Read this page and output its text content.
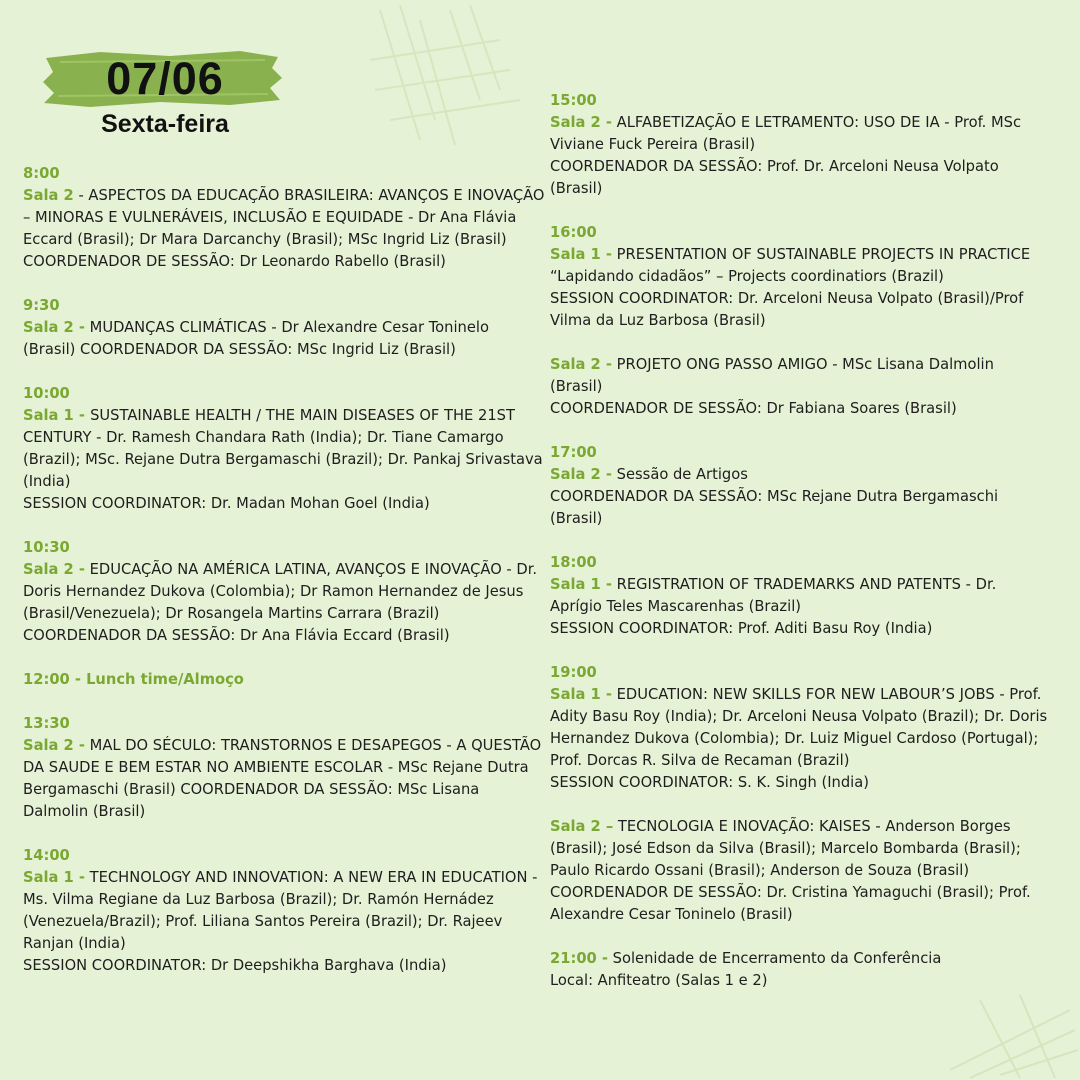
07/06
Sexta-feira
8:00
Sala 2 - ASPECTOS DA EDUCAÇÃO BRASILEIRA: AVANÇOS E INOVAÇÃO – MINORAS E VULNERÁVEIS, INCLUSÃO E EQUIDADE - Dr Ana Flávia Eccard (Brasil); Dr Mara Darcanchy (Brasil); MSc Ingrid Liz (Brasil)
COORDENADOR DE SESSÃO: Dr Leonardo Rabello (Brasil)
9:30
Sala 2 - MUDANÇAS CLIMÁTICAS - Dr Alexandre Cesar Toninelo (Brasil) COORDENADOR DA SESSÃO: MSc Ingrid Liz (Brasil)
10:00
Sala 1 - SUSTAINABLE HEALTH / THE MAIN DISEASES OF THE 21ST CENTURY - Dr. Ramesh Chandara Rath (India); Dr. Tiane Camargo (Brazil); MSc. Rejane Dutra Bergamaschi (Brazil); Dr. Pankaj Srivastava (India)
SESSION COORDINATOR: Dr. Madan Mohan Goel (India)
10:30
Sala 2 - EDUCAÇÃO NA AMÉRICA LATINA, AVANÇOS E INOVAÇÃO - Dr. Doris Hernandez Dukova (Colombia); Dr Ramon Hernandez de Jesus (Brasil/Venezuela); Dr Rosangela Martins Carrara (Brazil)
COORDENADOR DA SESSÃO: Dr Ana Flávia Eccard (Brasil)
12:00 - Lunch time/Almoço
13:30
Sala 2 - MAL DO SÉCULO: TRANSTORNOS E DESAPEGOS - A QUESTÃO DA SAUDE E BEM ESTAR NO AMBIENTE ESCOLAR - MSc Rejane Dutra Bergamaschi (Brasil) COORDENADOR DA SESSÃO: MSc Lisana Dalmolin (Brasil)
14:00
Sala 1 - TECHNOLOGY AND INNOVATION: A NEW ERA IN EDUCATION - Ms. Vilma Regiane da Luz Barbosa (Brazil); Dr. Ramón Hernádez (Venezuela/Brazil); Prof. Liliana Santos Pereira (Brazil); Dr. Rajeev Ranjan (India)
SESSION COORDINATOR: Dr Deepshikha Barghava (India)
15:00
Sala 2 - ALFABETIZAÇÃO E LETRAMENTO: USO DE IA - Prof. MSc Viviane Fuck Pereira (Brasil)
COORDENADOR DA SESSÃO: Prof. Dr. Arceloni Neusa Volpato (Brasil)
16:00
Sala 1 - PRESENTATION OF SUSTAINABLE PROJECTS IN PRACTICE “Lapidando cidadãos” – Projects coordinatiors (Brazil)
SESSION COORDINATOR: Dr. Arceloni Neusa Volpato (Brasil)/Prof Vilma da Luz Barbosa (Brasil)
Sala 2 - PROJETO ONG PASSO AMIGO - MSc Lisana Dalmolin (Brasil)
COORDENADOR DE SESSÃO: Dr Fabiana Soares (Brasil)
17:00
Sala 2 - Sessão de Artigos
COORDENADOR DA SESSÃO: MSc Rejane Dutra Bergamaschi (Brasil)
18:00
Sala 1 - REGISTRATION OF TRADEMARKS AND PATENTS - Dr. Aprígio Teles Mascarenhas (Brazil)
SESSION COORDINATOR: Prof. Aditi Basu Roy (India)
19:00
Sala 1 - EDUCATION: NEW SKILLS FOR NEW LABOUR’S JOBS - Prof. Adity Basu Roy (India); Dr. Arceloni Neusa Volpato (Brazil); Dr. Doris Hernandez Dukova (Colombia); Dr. Luiz Miguel Cardoso (Portugal); Prof. Dorcas R. Silva de Recaman (Brazil)
SESSION COORDINATOR: S. K. Singh (India)
Sala 2 – TECNOLOGIA E INOVAÇÃO: KAISES - Anderson Borges (Brasil); José Edson da Silva (Brasil); Marcelo Bombarda (Brasil); Paulo Ricardo Ossani (Brasil); Anderson de Souza (Brasil)
COORDENADOR DE SESSÃO: Dr. Cristina Yamaguchi (Brasil); Prof. Alexandre Cesar Toninelo (Brasil)
21:00 - Solenidade de Encerramento da Conferência
Local: Anfiteatro (Salas 1 e 2)
